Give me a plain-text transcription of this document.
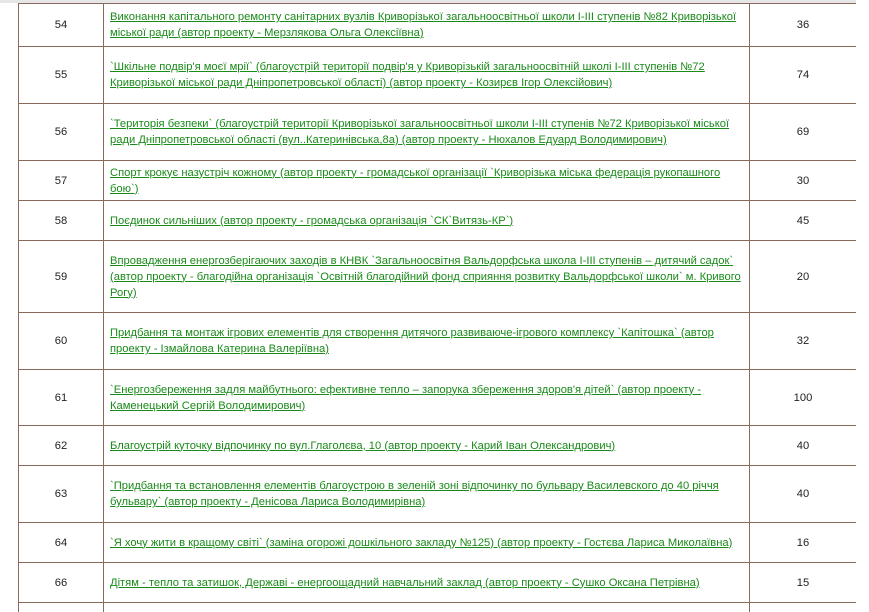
54	Виконання капітального ремонту санітарних вузлів Криворізької загальноосвітньої школи І-ІІІ ступенів №82 Криворізької міської ради (автор проекту - Мерзлякова Ольга Олексіївна)	36
55	`Шкільне подвір'я моєї мрії` (благоустрій території подвір'я у Криворізькій загальноосвітній школі І-ІІІ ступенів №72 Криворізької міської ради Дніпропетровської області) (автор проекту - Козирєв Ігор Олексійович)	74
56	`Територія безпеки` (благоустрій території Криворізької загальноосвітньої школи І-ІІІ ступенів №72 Криворізької міської ради Дніпропетровської області (вул..Катеринівська,8а) (автор проекту - Нюхалов Едуард Володимирович)	69
57	Спорт крокує назустріч кожному (автор проекту - громадської організації `Криворізька міська федерація рукопашного бою`)	30
58	Поєдинок сильніших (автор проекту - громадська організація `СК`Витязь-КР`)	45
59	Впровадження енергозберігаючих заходів в КНВК `Загальноосвітня Вальдорфська школа І-ІІІ ступенів – дитячий садок` (автор проекту - благодійна організація `Освітній благодійний фонд сприяння розвитку Вальдорфської школи` м. Кривого Рогу)	20
60	Придбання та монтаж ігрових елементів для створення дитячого развиваюче-ігрового комплексу `Капітошка` (автор проекту - Ізмайлова Катерина Валеріївна)	32
61	`Енергозбереження задля майбутнього: ефективне тепло – запорука збереження здоров'я дітей` (автор проекту - Каменецький Сергій Володимирович)	100
62	Благоустрій куточку відпочинку по вул.Глаголєва, 10 (автор проекту - Карий Іван Олександрович)	40
63	`Придбання та встановлення елементів благоустрою в зеленій зоні відпочинку по бульвару Василевского до 40 річчя бульвару` (автор проекту - Денісова Лариса Володимирівна)	40
64	`Я хочу жити в кращому світі` (заміна огорожі дошкільного закладу №125) (автор проекту - Гостєва Лариса Миколаївна)	16
66	Дітям - тепло та затишок, Державі - енергоощадний навчальний заклад (автор проекту - Сушко Оксана Петрівна)	15
